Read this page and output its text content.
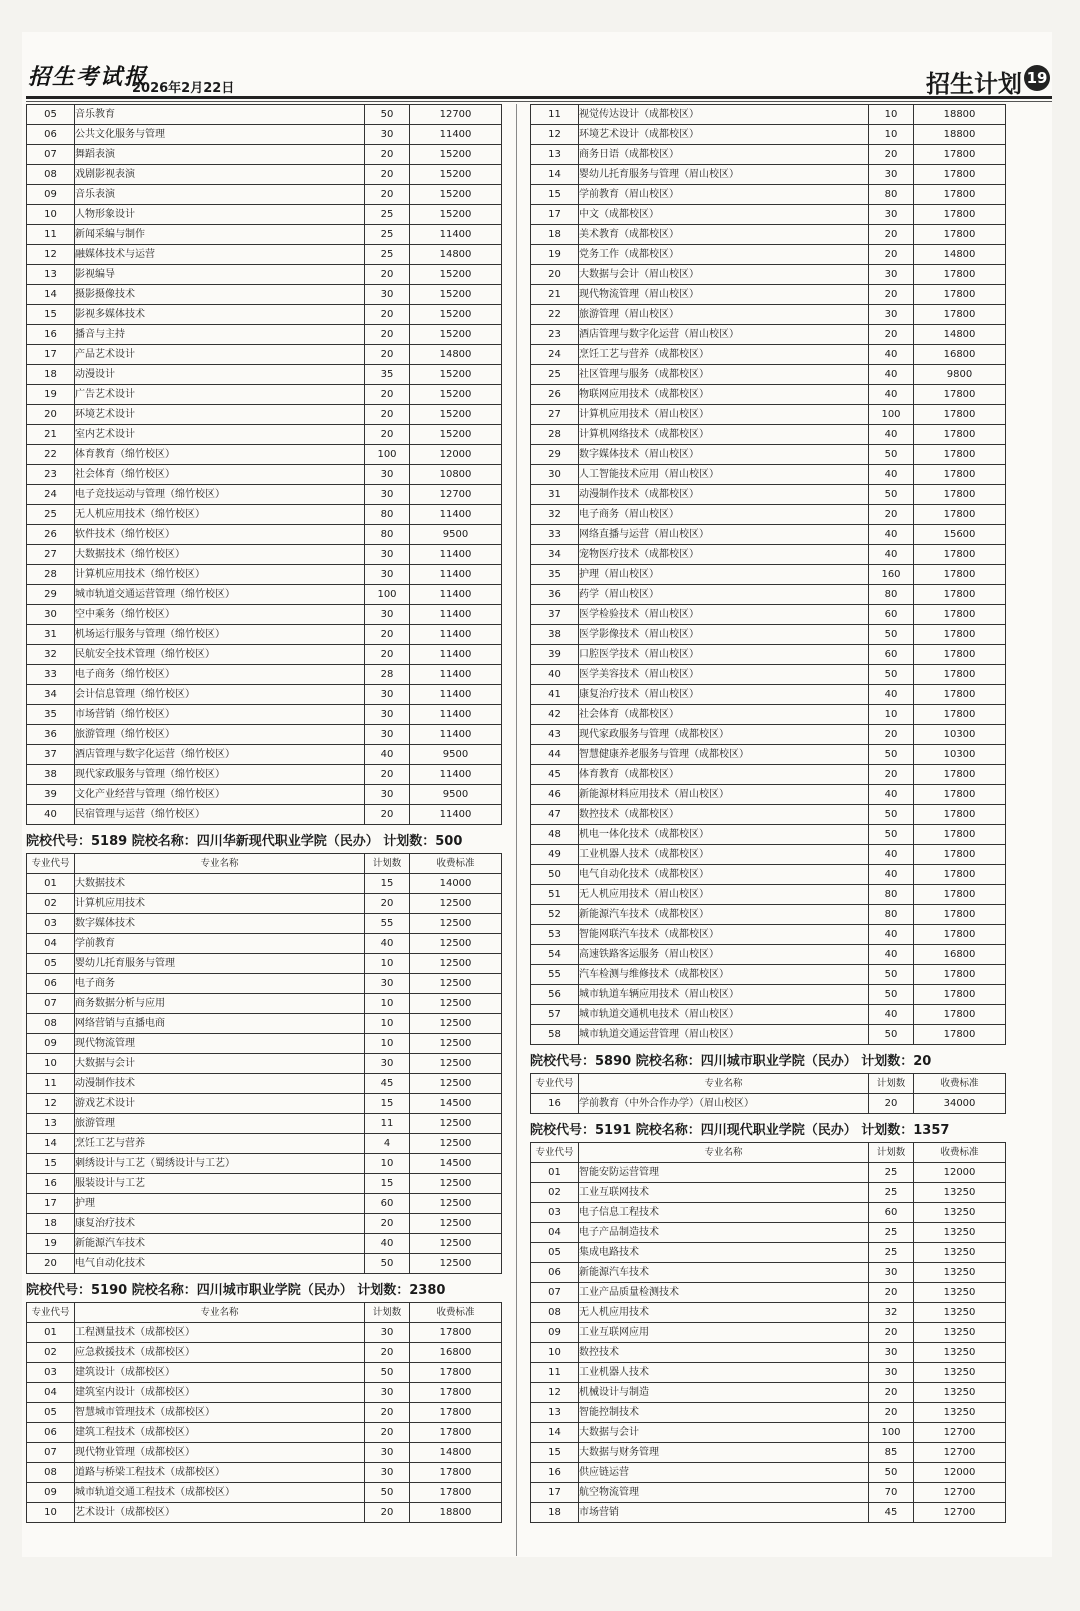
招生考试报
2026年2月22日	招生计划 19
05	音乐教育	50	12700
06	公共文化服务与管理	30	11400
07	舞蹈表演	20	15200
08	戏剧影视表演	20	15200
09	音乐表演	20	15200
10	人物形象设计	25	15200
11	新闻采编与制作	25	11400
12	融媒体技术与运营	25	14800
13	影视编导	20	15200
14	摄影摄像技术	30	15200
15	影视多媒体技术	20	15200
16	播音与主持	20	15200
17	产品艺术设计	20	14800
18	动漫设计	35	15200
19	广告艺术设计	20	15200
20	环境艺术设计	20	15200
21	室内艺术设计	20	15200
22	体育教育（绵竹校区）	100	12000
23	社会体育（绵竹校区）	30	10800
24	电子竞技运动与管理（绵竹校区）	30	12700
25	无人机应用技术（绵竹校区）	80	11400
26	软件技术（绵竹校区）	80	9500
27	大数据技术（绵竹校区）	30	11400
28	计算机应用技术（绵竹校区）	30	11400
29	城市轨道交通运营管理（绵竹校区）	100	11400
30	空中乘务（绵竹校区）	30	11400
31	机场运行服务与管理（绵竹校区）	20	11400
32	民航安全技术管理（绵竹校区）	20	11400
33	电子商务（绵竹校区）	28	11400
34	会计信息管理（绵竹校区）	30	11400
35	市场营销（绵竹校区）	30	11400
36	旅游管理（绵竹校区）	30	11400
37	酒店管理与数字化运营（绵竹校区）	40	9500
38	现代家政服务与管理（绵竹校区）	20	11400
39	文化产业经营与管理（绵竹校区）	30	9500
40	民宿管理与运营（绵竹校区）	20	11400
院校代号：5189 院校名称：四川华新现代职业学院（民办） 计划数：500
专业代号	专业名称	计划数	收费标准
01	大数据技术	15	14000
02	计算机应用技术	20	12500
03	数字媒体技术	55	12500
04	学前教育	40	12500
05	婴幼儿托育服务与管理	10	12500
06	电子商务	30	12500
07	商务数据分析与应用	10	12500
08	网络营销与直播电商	10	12500
09	现代物流管理	10	12500
10	大数据与会计	30	12500
11	动漫制作技术	45	12500
12	游戏艺术设计	15	14500
13	旅游管理	11	12500
14	烹饪工艺与营养	4	12500
15	刺绣设计与工艺（蜀绣设计与工艺）	10	14500
16	服装设计与工艺	15	12500
17	护理	60	12500
18	康复治疗技术	20	12500
19	新能源汽车技术	40	12500
20	电气自动化技术	50	12500
院校代号：5190 院校名称：四川城市职业学院（民办） 计划数：2380
专业代号	专业名称	计划数	收费标准
01	工程测量技术（成都校区）	30	17800
02	应急救援技术（成都校区）	20	16800
03	建筑设计（成都校区）	50	17800
04	建筑室内设计（成都校区）	30	17800
05	智慧城市管理技术（成都校区）	20	17800
06	建筑工程技术（成都校区）	20	17800
07	现代物业管理（成都校区）	30	14800
08	道路与桥梁工程技术（成都校区）	30	17800
09	城市轨道交通工程技术（成都校区）	50	17800
10	艺术设计（成都校区）	20	18800
11	视觉传达设计（成都校区）	10	18800
12	环境艺术设计（成都校区）	10	18800
13	商务日语（成都校区）	20	17800
14	婴幼儿托育服务与管理（眉山校区）	30	17800
15	学前教育（眉山校区）	80	17800
17	中文（成都校区）	30	17800
18	美术教育（成都校区）	20	17800
19	党务工作（成都校区）	20	14800
20	大数据与会计（眉山校区）	30	17800
21	现代物流管理（眉山校区）	20	17800
22	旅游管理（眉山校区）	30	17800
23	酒店管理与数字化运营（眉山校区）	20	14800
24	烹饪工艺与营养（成都校区）	40	16800
25	社区管理与服务（成都校区）	40	9800
26	物联网应用技术（成都校区）	40	17800
27	计算机应用技术（眉山校区）	100	17800
28	计算机网络技术（成都校区）	40	17800
29	数字媒体技术（眉山校区）	50	17800
30	人工智能技术应用（眉山校区）	40	17800
31	动漫制作技术（成都校区）	50	17800
32	电子商务（眉山校区）	20	17800
33	网络直播与运营（眉山校区）	40	15600
34	宠物医疗技术（成都校区）	40	17800
35	护理（眉山校区）	160	17800
36	药学（眉山校区）	80	17800
37	医学检验技术（眉山校区）	60	17800
38	医学影像技术（眉山校区）	50	17800
39	口腔医学技术（眉山校区）	60	17800
40	医学美容技术（眉山校区）	50	17800
41	康复治疗技术（眉山校区）	40	17800
42	社会体育（成都校区）	10	17800
43	现代家政服务与管理（成都校区）	20	10300
44	智慧健康养老服务与管理（成都校区）	50	10300
45	体育教育（成都校区）	20	17800
46	新能源材料应用技术（眉山校区）	40	17800
47	数控技术（成都校区）	50	17800
48	机电一体化技术（成都校区）	50	17800
49	工业机器人技术（成都校区）	40	17800
50	电气自动化技术（成都校区）	40	17800
51	无人机应用技术（眉山校区）	80	17800
52	新能源汽车技术（成都校区）	80	17800
53	智能网联汽车技术（成都校区）	40	17800
54	高速铁路客运服务（眉山校区）	40	16800
55	汽车检测与维修技术（成都校区）	50	17800
56	城市轨道车辆应用技术（眉山校区）	50	17800
57	城市轨道交通机电技术（眉山校区）	40	17800
58	城市轨道交通运营管理（眉山校区）	50	17800
院校代号：5890 院校名称：四川城市职业学院（民办） 计划数：20
专业代号	专业名称	计划数	收费标准
16	学前教育（中外合作办学）（眉山校区）	20	34000
院校代号：5191 院校名称：四川现代职业学院（民办） 计划数：1357
专业代号	专业名称	计划数	收费标准
01	智能安防运营管理	25	12000
02	工业互联网技术	25	13250
03	电子信息工程技术	60	13250
04	电子产品制造技术	25	13250
05	集成电路技术	25	13250
06	新能源汽车技术	30	13250
07	工业产品质量检测技术	20	13250
08	无人机应用技术	32	13250
09	工业互联网应用	20	13250
10	数控技术	30	13250
11	工业机器人技术	30	13250
12	机械设计与制造	20	13250
13	智能控制技术	20	13250
14	大数据与会计	100	12700
15	大数据与财务管理	85	12700
16	供应链运营	50	12000
17	航空物流管理	70	12700
18	市场营销	45	12700
